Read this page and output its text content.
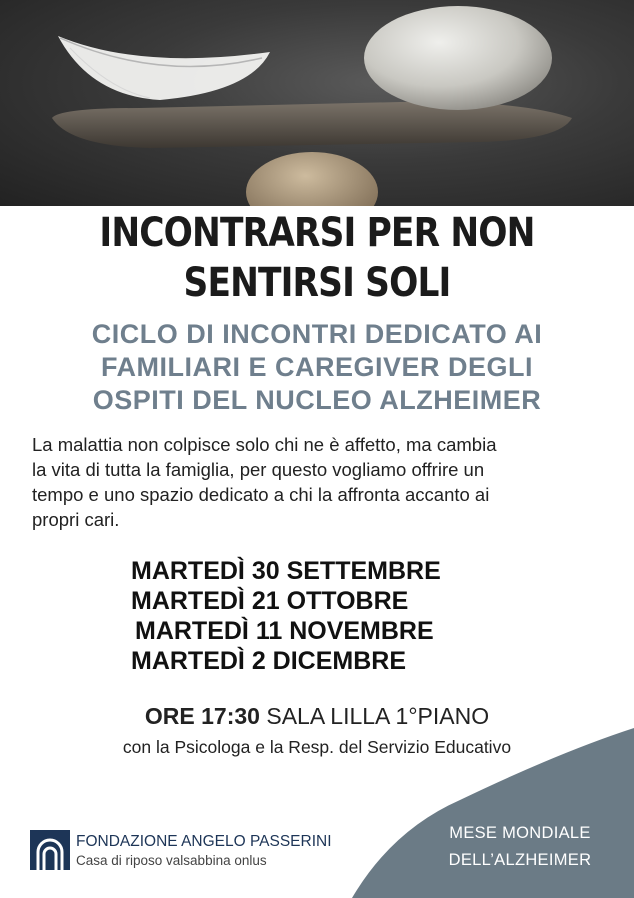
INCONTRARSI PER NON
SENTIRSI SOLI
CICLO DI INCONTRI DEDICATO AI
FAMILIARI E CAREGIVER DEGLI
OSPITI DEL NUCLEO ALZHEIMER
La malattia non colpisce solo chi ne è affetto, ma cambia
la vita di tutta la famiglia, per questo vogliamo offrire un
tempo e uno spazio dedicato a chi la affronta accanto ai
propri cari.
MARTEDÌ 30 SETTEMBRE
MARTEDÌ 21 OTTOBRE
MARTEDÌ 11 NOVEMBRE
MARTEDÌ 2 DICEMBRE
ORE 17:30 SALA LILLA 1°PIANO
con la Psicologa e la Resp. del Servizio Educativo
FONDAZIONE ANGELO PASSERINI
Casa di riposo valsabbina onlus
MESE MONDIALE
DELL’ALZHEIMER
